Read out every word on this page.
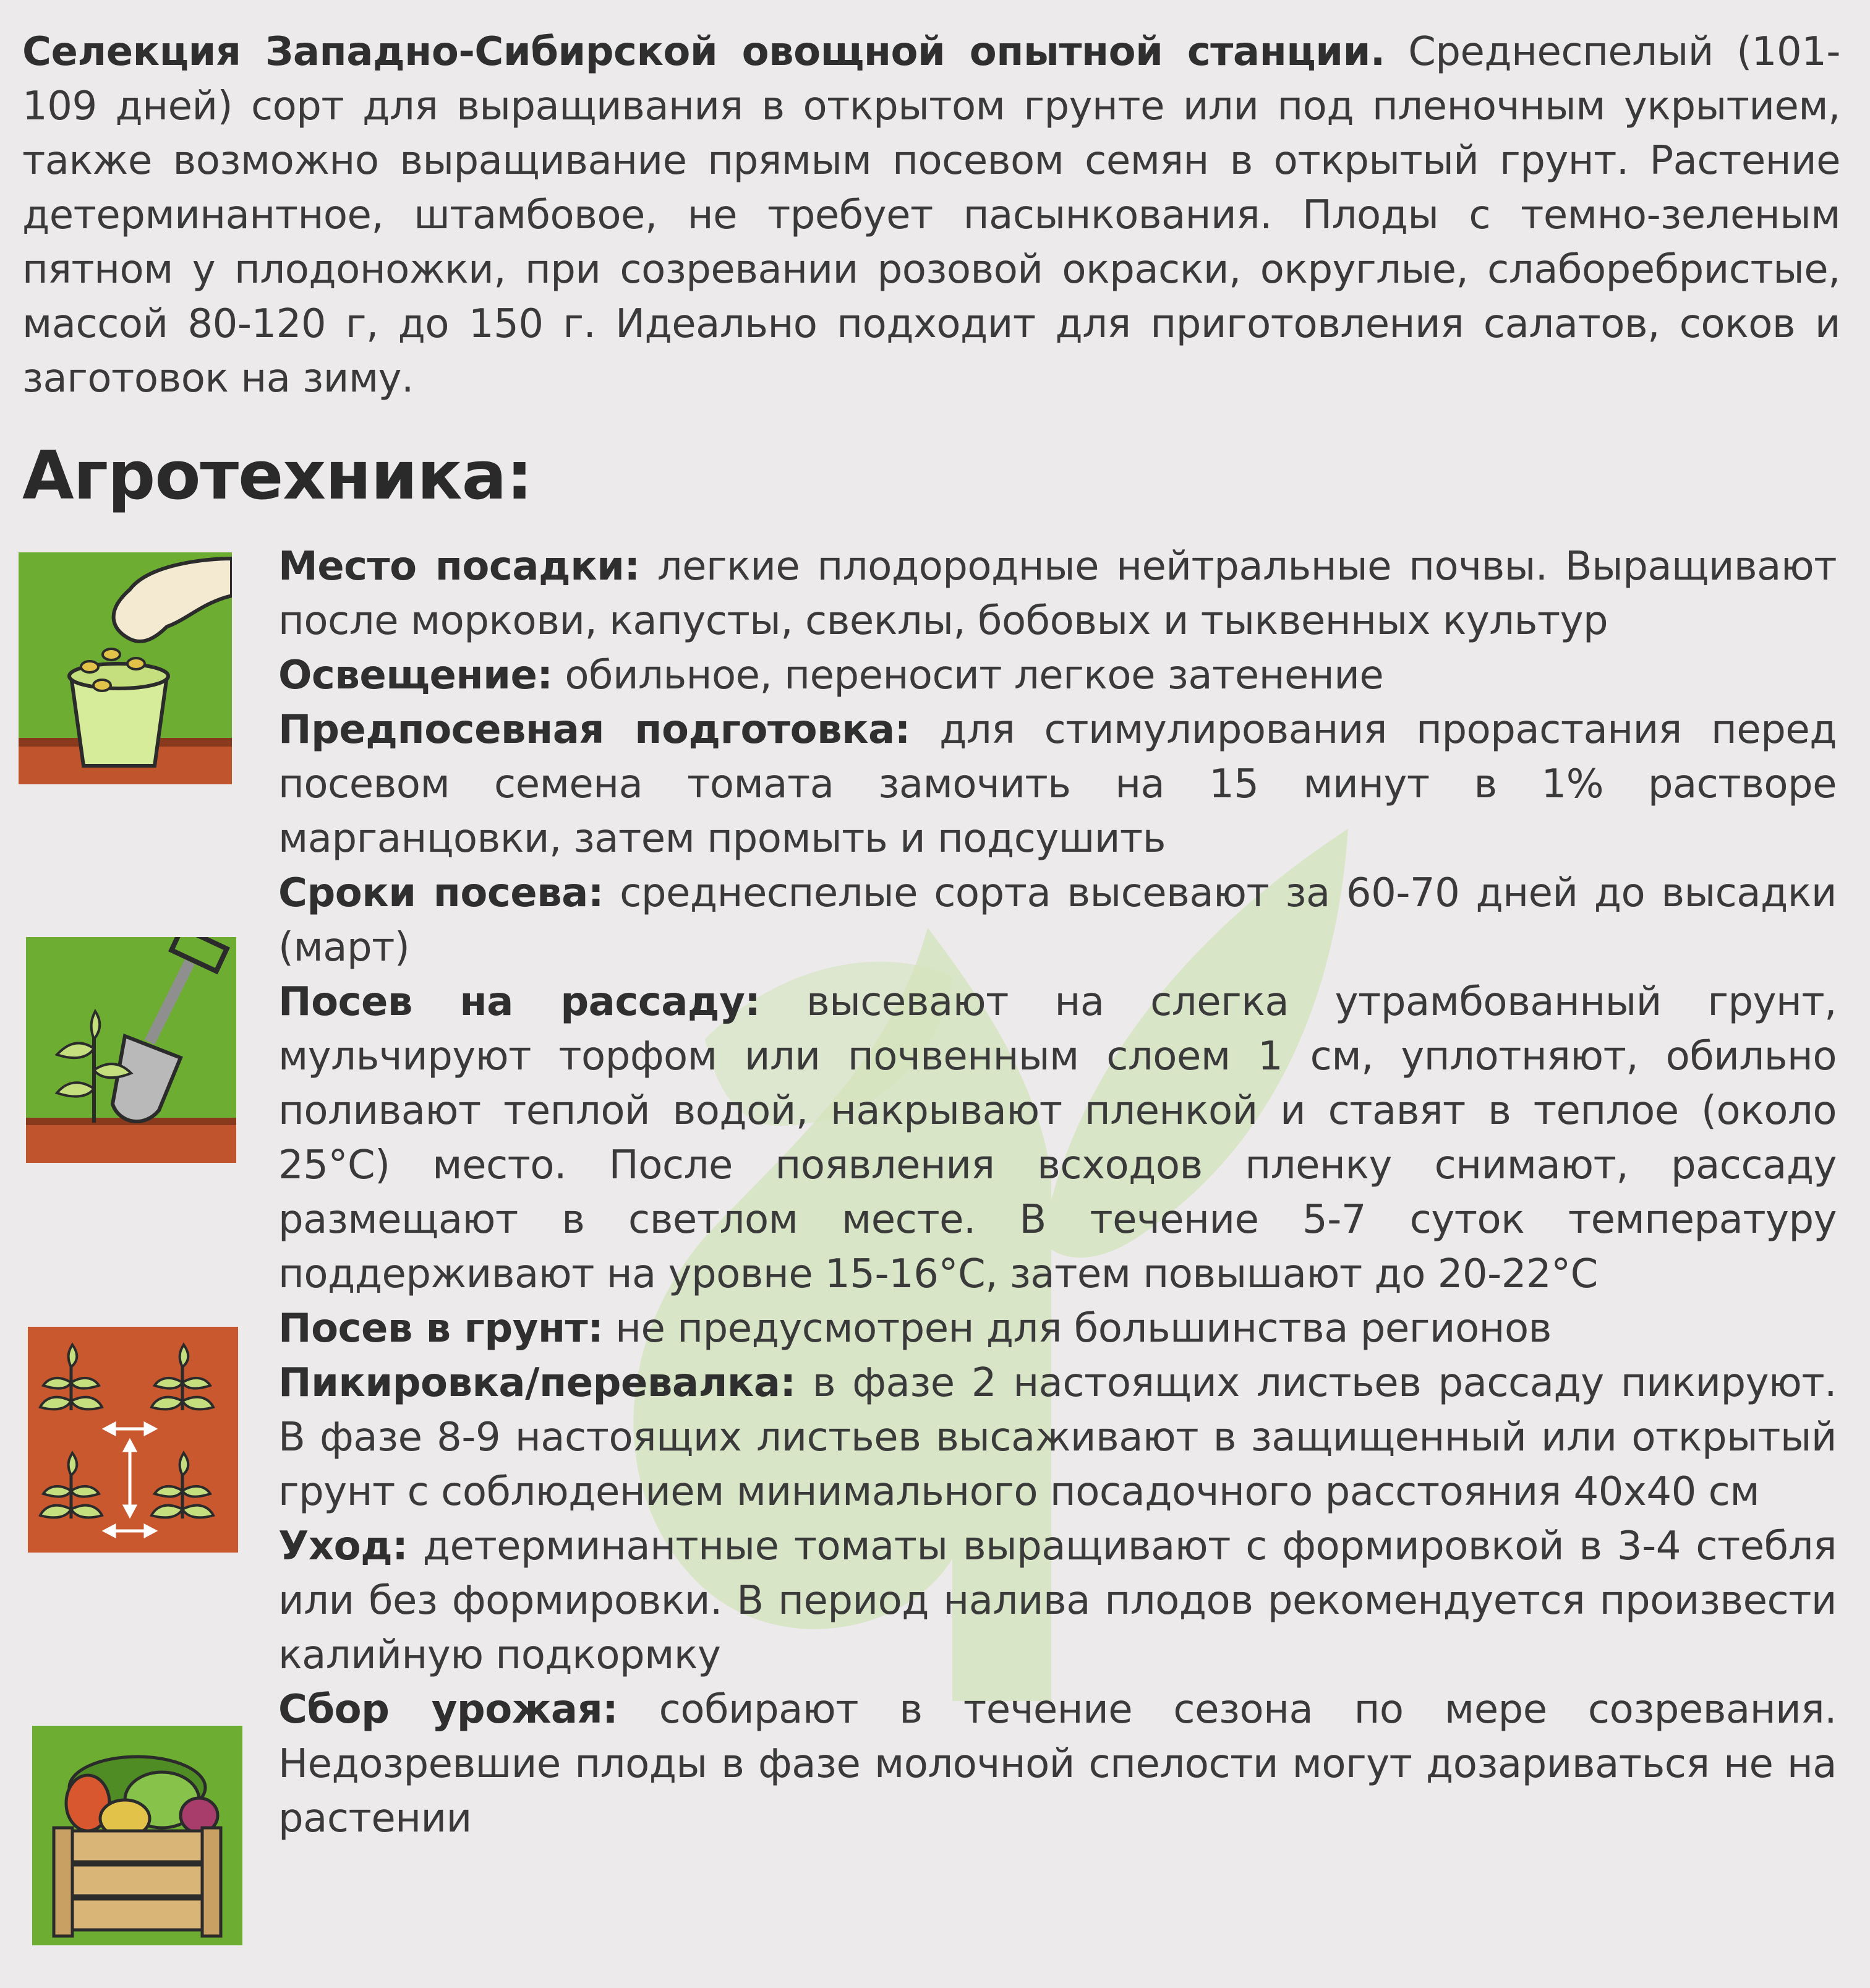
Селекция Западно-Сибирской овощной опытной станции. Среднеспелый (101-109 дней) сорт для выращивания в открытом грунте или под пленочным укрытием, также возможно выращивание прямым посевом семян в открытый грунт. Растение детерминантное, штамбовое, не требует пасынкования. Плоды с темно-зеленым пятном у плодоножки, при созревании розовой окраски, округлые, слаборебристые, массой 80-120 г, до 150 г. Идеально подходит для приготовления салатов, соков и заготовок на зиму.

Агротехника:

Место посадки: легкие плодородные нейтральные почвы. Выращивают после моркови, капусты, свеклы, бобовых и тыквенных культур

Освещение: обильное, переносит легкое затенение

Предпосевная подготовка: для стимулирования прорастания перед посевом семена томата замочить на 15 минут в 1% растворе марганцовки, затем промыть и подсушить

Сроки посева: среднеспелые сорта высевают за 60-70 дней до высадки (март)

Посев на рассаду: высевают на слегка утрамбованный грунт, мульчируют торфом или почвенным слоем 1 см, уплотняют, обильно поливают теплой водой, накрывают пленкой и ставят в теплое (около 25°С) место. После появления всходов пленку снимают, рассаду размещают в светлом месте. В течение 5-7 суток температуру поддерживают на уровне 15-16°С, затем повышают до 20-22°С

Посев в грунт: не предусмотрен для большинства регионов

Пикировка/перевалка: в фазе 2 настоящих листьев рассаду пикируют. В фазе 8-9 настоящих листьев высаживают в защищенный или открытый грунт с соблюдением минимального посадочного расстояния 40х40 см

Уход: детерминантные томаты выращивают с формировкой в 3-4 стебля или без формировки. В период налива плодов рекомендуется произвести калийную подкормку

Сбор урожая: собирают в течение сезона по мере созревания. Недозревшие плоды в фазе молочной спелости могут дозариваться не на растении
